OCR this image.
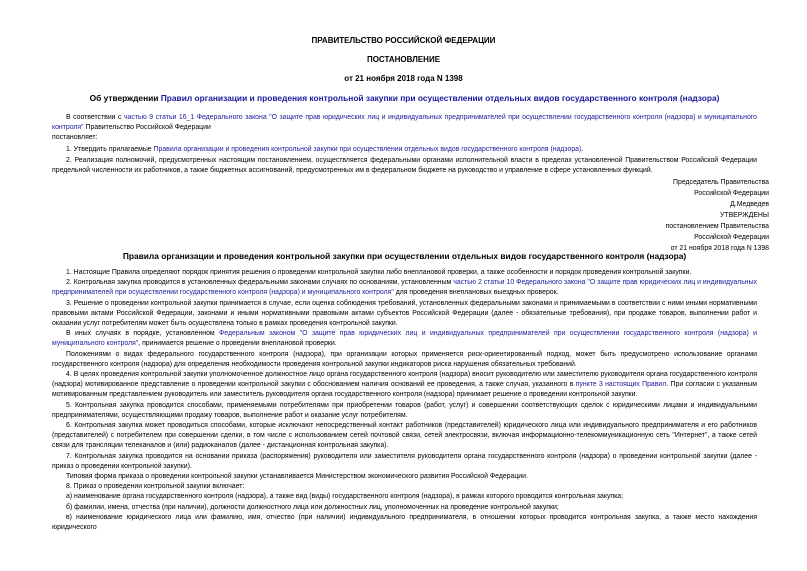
ПРАВИТЕЛЬСТВО РОССИЙСКОЙ ФЕДЕРАЦИИ
ПОСТАНОВЛЕНИЕ
от 21 ноября 2018 года N 1398
Об утверждении Правил организации и проведения контрольной закупки при осуществлении отдельных видов государственного контроля (надзора)

В соответствии с частью 9 статьи 16_1 Федерального закона "О защите прав юридических лиц и индивидуальных предпринимателей при осуществлении государственного контроля (надзора) и муниципального контроля" Правительство Российской Федерации

постановляет:

1. Утвердить прилагаемые Правила организации и проведения контрольной закупки при осуществлении отдельных видов государственного контроля (надзора).

2. Реализация полномочий, предусмотренных настоящим постановлением, осуществляется федеральными органами исполнительной власти в пределах установленной Правительством Российской Федерации предельной численности их работников, а также бюджетных ассигнований, предусмотренных им в федеральном бюджете на руководство и управление в сфере установленных функций.

Председатель Правительства
Российской Федерации
Д.Медведев
УТВЕРЖДЕНЫ
постановлением Правительства
Российской Федерации
от 21 ноября 2018 года N 1398
Правила организации и проведения контрольной закупки при осуществлении отдельных видов государственного контроля (надзора)

1. Настоящие Правила определяют порядок принятия решения о проведении контрольной закупки либо внеплановой проверки, а также особенности и порядок проведения контрольной закупки.

2. Контрольная закупка проводится в установленных федеральными законами случаях по основаниям, установленным частью 2 статьи 10 Федерального закона "О защите прав юридических лиц и индивидуальных предпринимателей при осуществлении государственного контроля (надзора) и муниципального контроля" для проведения внеплановых выездных проверок.

3. Решение о проведении контрольной закупки принимается в случае, если оценка соблюдения требований, установленных федеральными законами и принимаемыми в соответствии с ними иными нормативными правовыми актами Российской Федерации, законами и иными нормативными правовыми актами субъектов Российской Федерации (далее - обязательные требования), при продаже товаров, выполнении работ и оказании услуг потребителям может быть осуществлена только в рамках проведения контрольной закупки.

В иных случаях в порядке, установленном Федеральным законом "О защите прав юридических лиц и индивидуальных предпринимателей при осуществлении государственного контроля (надзора) и муниципального контроля", принимается решение о проведении внеплановой проверки.

Положениями о видах федерального государственного контроля (надзора), при организации которых применяется риск-ориентированный подход, может быть предусмотрено использование органами государственного контроля (надзора) для определения необходимости проведения контрольной закупки индикаторов риска нарушения обязательных требований.

4. В целях проведения контрольной закупки уполномоченное должностное лицо органа государственного контроля (надзора) вносит руководителю или заместителю руководителя органа государственного контроля (надзора) мотивированное представление о проведении контрольной закупки с обоснованием наличия оснований ее проведения, а также случая, указанного в пункте 3 настоящих Правил. При согласии с указанным мотивированным представлением руководитель или заместитель руководителя органа государственного контроля (надзора) принимает решение о проведении контрольной закупки.

5. Контрольная закупка проводится способами, применяемыми потребителями при приобретении товаров (работ, услуг) и совершении соответствующих сделок с юридическими лицами и индивидуальными предпринимателями, осуществляющими продажу товаров, выполнение работ и оказание услуг потребителям.

6. Контрольная закупка может проводиться способами, которые исключают непосредственный контакт работников (представителей) юридического лица или индивидуального предпринимателя и его работников (представителей) с потребителем при совершении сделки, в том числе с использованием сетей почтовой связи, сетей электросвязи, включая информационно-телекоммуникационную сеть "Интернет", а также сетей связи для трансляции телеканалов и (или) радиоканалов (далее - дистанционная контрольная закупка).

7. Контрольная закупка проводится на основании приказа (распоряжения) руководителя или заместителя руководителя органа государственного контроля (надзора) о проведении контрольной закупки (далее - приказ о проведении контрольной закупки).

Типовая форма приказа о проведении контрольной закупки устанавливается Министерством экономического развития Российской Федерации.

8. Приказ о проведении контрольной закупки включает:

а) наименование органа государственного контроля (надзора), а также вид (виды) государственного контроля (надзора), в рамках которого проводится контрольная закупка;

б) фамилии, имена, отчества (при наличии), должности должностного лица или должностных лиц, уполномоченных на проведение контрольной закупки;

в) наименование юридического лица или фамилию, имя, отчество (при наличии) индивидуального предпринимателя, в отношении которых проводится контрольная закупка, а также место нахождения юридического
